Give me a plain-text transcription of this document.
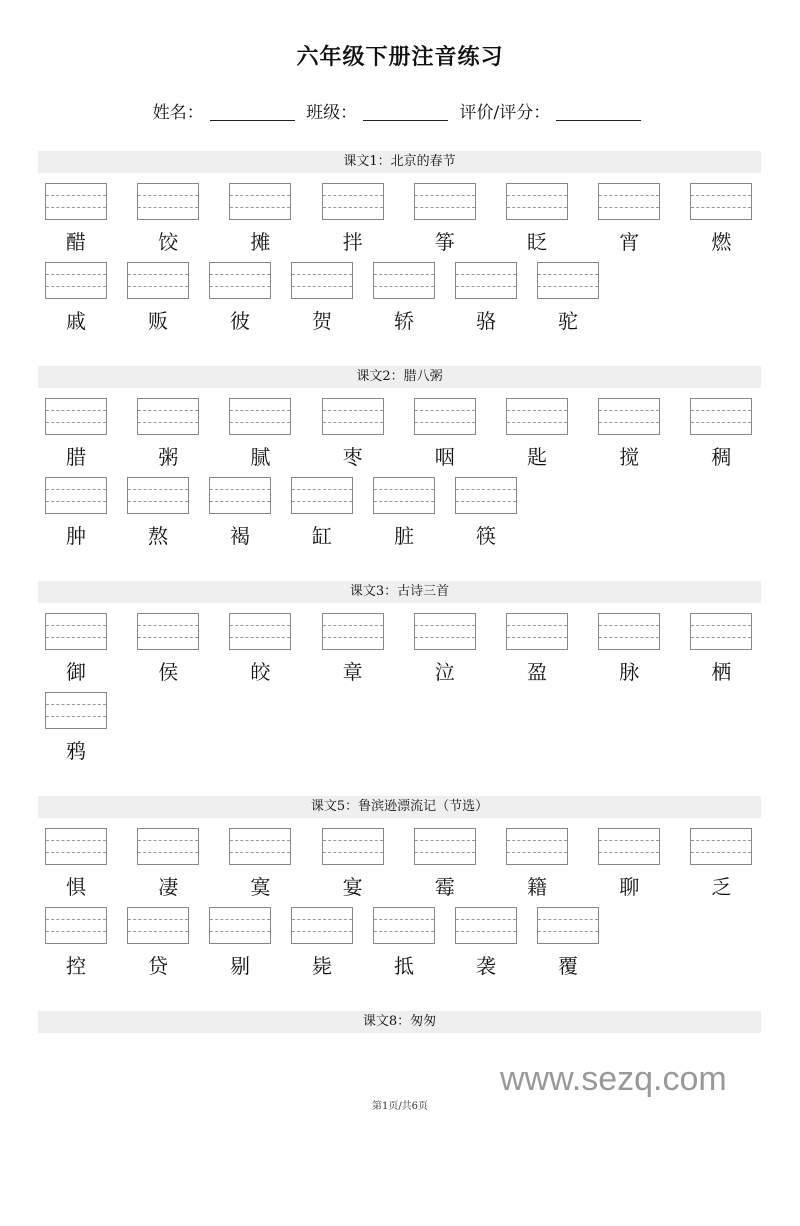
六年级下册注音练习
姓名：	班级：	评价/评分：
课文1：北京的春节
醋	饺	摊	拌	筝	眨	宵	燃
戚	贩	彼	贺	轿	骆	驼
课文2：腊八粥
腊	粥	腻	枣	咽	匙	搅	稠
肿	熬	褐	缸	脏	筷
课文3：古诗三首
御	侯	皎	章	泣	盈	脉	栖
鸦
课文5：鲁滨逊漂流记（节选）
惧	凄	寞	宴	霉	籍	聊	乏
控	贷	剔	毙	抵	袭	覆
课文8：匆匆
www.sezq.com
第1页/共6页
